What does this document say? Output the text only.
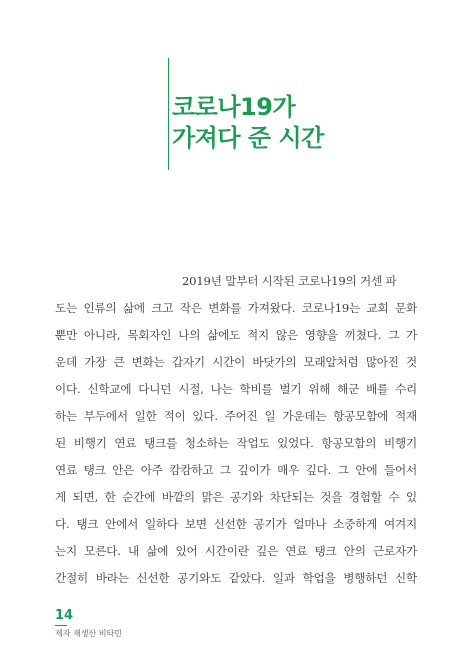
코로나19가
가져다 준 시간
2019년 말부터 시작된 코로나19의 거센 파
도는 인류의 삶에 크고 작은 변화를 가져왔다. 코로나19는 교회 문화
뿐만 아니라, 목회자인 나의 삶에도 적지 않은 영향을 끼쳤다. 그 가
운데 가장 큰 변화는 갑자기 시간이 바닷가의 모래알처럼 많아진 것
이다. 신학교에 다니던 시절, 나는 학비를 벌기 위해 해군 배를 수리
하는 부두에서 일한 적이 있다. 주어진 일 가운데는 항공모함에 적재
된 비행기 연료 탱크를 청소하는 작업도 있었다. 항공모함의 비행기
연료 탱크 안은 아주 캄캄하고 그 깊이가 매우 깊다. 그 안에 들어서
게 되면, 한 순간에 바깥의 맑은 공기와 차단되는 것을 경험할 수 있
다. 탱크 안에서 일하다 보면 신선한 공기가 얼마나 소중하게 여겨지
는지 모른다. 내 삶에 있어 시간이란 깊은 연료 탱크 안의 근로자가
간절히 바라는 신선한 공기와도 같았다. 일과 학업을 병행하던 신학
14
제자 재생산 비타민
